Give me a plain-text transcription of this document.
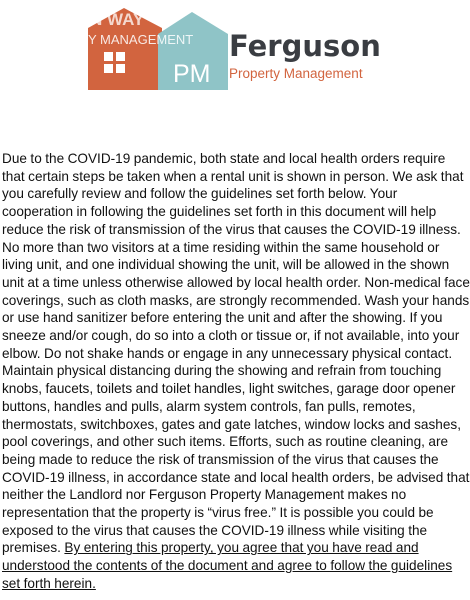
N WAY
Y MANAGEMENT
PM
Ferguson
Property Management

Due to the COVID-19 pandemic, both state and local health orders require that certain steps be taken when a rental unit is shown in person. We ask that you carefully review and follow the guidelines set forth below. Your cooperation in following the guidelines set forth in this document will help reduce the risk of transmission of the virus that causes the COVID-19 illness. No more than two visitors at a time residing within the same household or living unit, and one individual showing the unit, will be allowed in the shown unit at a time unless otherwise allowed by local health order. Non-medical face coverings, such as cloth masks, are strongly recommended. Wash your hands or use hand sanitizer before entering the unit and after the showing. If you sneeze and/or cough, do so into a cloth or tissue or, if not available, into your elbow. Do not shake hands or engage in any unnecessary physical contact. Maintain physical distancing during the showing and refrain from touching knobs, faucets, toilets and toilet handles, light switches, garage door opener buttons, handles and pulls, alarm system controls, fan pulls, remotes, thermostats, switchboxes, gates and gate latches, window locks and sashes, pool coverings, and other such items. Efforts, such as routine cleaning, are being made to reduce the risk of transmission of the virus that causes the COVID-19 illness, in accordance state and local health orders, be advised that neither the Landlord nor Ferguson Property Management makes no representation that the property is “virus free.” It is possible you could be exposed to the virus that causes the COVID-19 illness while visiting the premises. By entering this property, you agree that you have read and understood the contents of the document and agree to follow the guidelines set forth herein.
